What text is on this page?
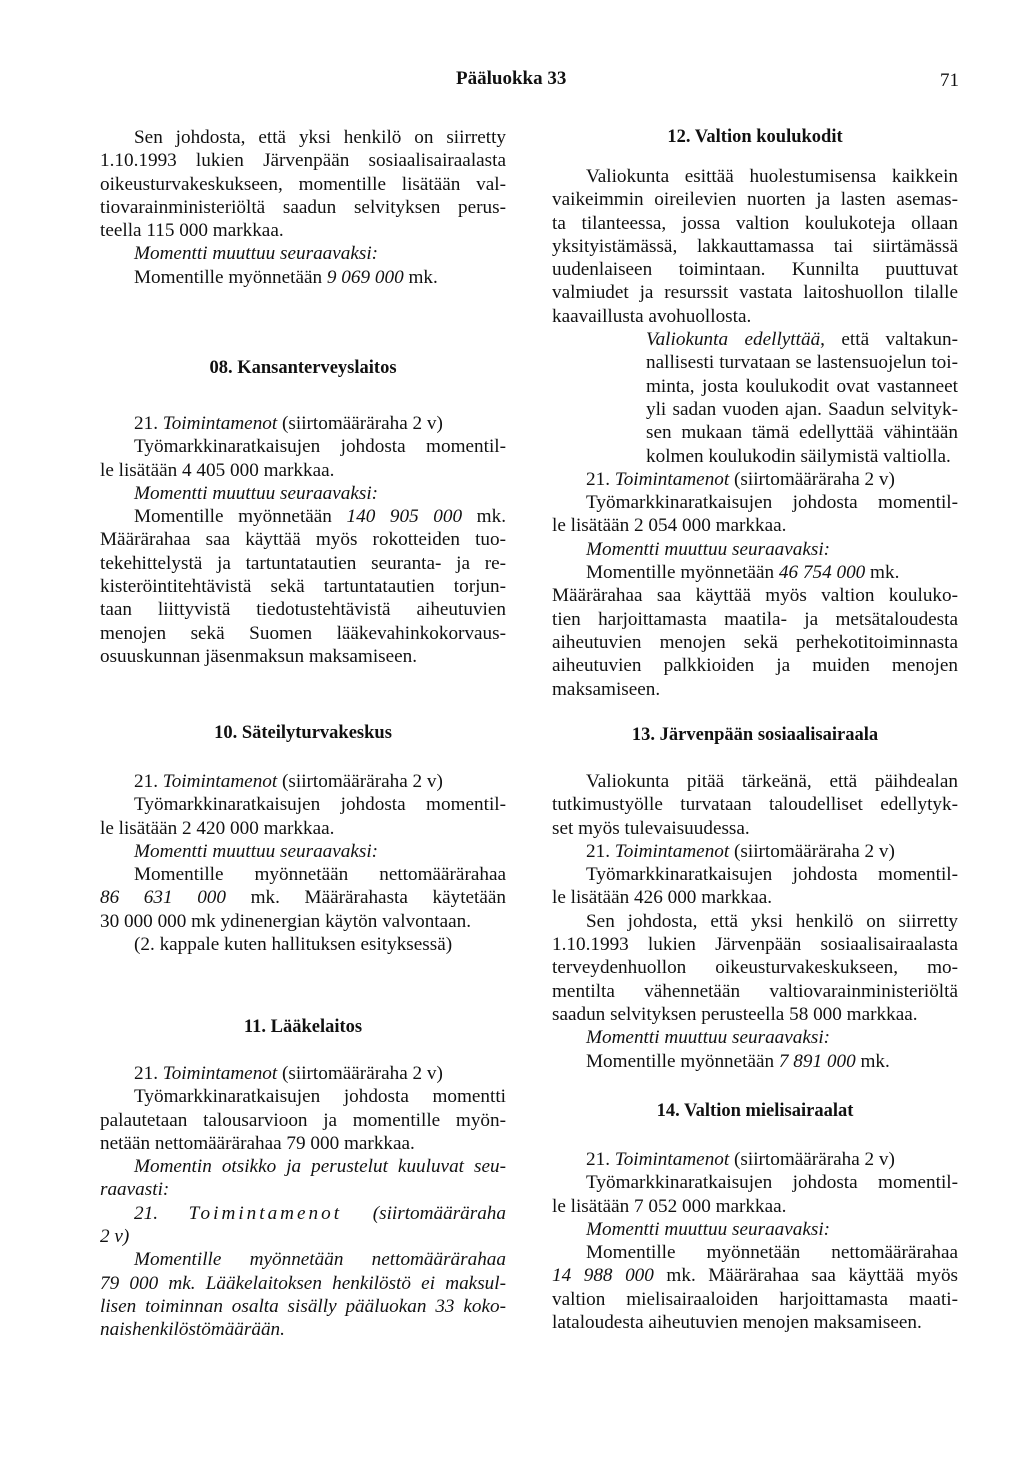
Pääluokka 33	71

Sen johdosta, että yksi henkilö on siirretty

1.10.1993 lukien Järvenpään sosiaalisairaalasta

oikeusturvakeskukseen, momentille lisätään val-

tiovarainministeriöltä saadun selvityksen perus-

teella 115 000 markkaa.

Momentti muuttuu seuraavaksi:

Momentille myönnetään 9 069 000 mk.

08. Kansanterveyslaitos

21. Toimintamenot (siirtomääräraha 2 v)

Työmarkkinaratkaisujen johdosta momentil-

le lisätään 4 405 000 markkaa.

Momentti muuttuu seuraavaksi:

Momentille myönnetään 140 905 000 mk.

Määrärahaa saa käyttää myös rokotteiden tuo-

tekehittelystä ja tartuntatautien seuranta- ja re-

kisteröintitehtävistä sekä tartuntatautien torjun-

taan liittyvistä tiedotustehtävistä aiheutuvien

menojen sekä Suomen lääkevahinkokorvaus-

osuuskunnan jäsenmaksun maksamiseen.

10. Säteilyturvakeskus

21. Toimintamenot (siirtomääräraha 2 v)

Työmarkkinaratkaisujen johdosta momentil-

le lisätään 2 420 000 markkaa.

Momentti muuttuu seuraavaksi:

Momentille myönnetään nettomäärärahaa

86 631 000 mk. Määrärahasta käytetään

30 000 000 mk ydinenergian käytön valvontaan.

(2. kappale kuten hallituksen esityksessä)

11. Lääkelaitos

21. Toimintamenot (siirtomääräraha 2 v)

Työmarkkinaratkaisujen johdosta momentti

palautetaan talousarvioon ja momentille myön-

netään nettomäärärahaa 79 000 markkaa.

Momentin otsikko ja perustelut kuuluvat seu-

raavasti:

21. Toimintamenot (siirtomääräraha

2 v)

Momentille myönnetään nettomäärärahaa

79 000 mk. Lääkelaitoksen henkilöstö ei maksul-

lisen toiminnan osalta sisälly pääluokan 33 koko-

naishenkilöstömäärään.

12. Valtion koulukodit

Valiokunta esittää huolestumisensa kaikkein

vaikeimmin oireilevien nuorten ja lasten asemas-

ta tilanteessa, jossa valtion koulukoteja ollaan

yksityistämässä, lakkauttamassa tai siirtämässä

uudenlaiseen toimintaan. Kunnilta puuttuvat

valmiudet ja resurssit vastata laitoshuollon tilalle

kaavaillusta avohuollosta.

Valiokunta edellyttää, että valtakun-

nallisesti turvataan se lastensuojelun toi-

minta, josta koulukodit ovat vastanneet

yli sadan vuoden ajan. Saadun selvityk-

sen mukaan tämä edellyttää vähintään

kolmen koulukodin säilymistä valtiolla.

21. Toimintamenot (siirtomääräraha 2 v)

Työmarkkinaratkaisujen johdosta momentil-

le lisätään 2 054 000 markkaa.

Momentti muuttuu seuraavaksi:

Momentille myönnetään 46 754 000 mk.

Määrärahaa saa käyttää myös valtion kouluko-

tien harjoittamasta maatila- ja metsätaloudesta

aiheutuvien menojen sekä perhekotitoiminnasta

aiheutuvien palkkioiden ja muiden menojen

maksamiseen.

13. Järvenpään sosiaalisairaala

Valiokunta pitää tärkeänä, että päihdealan

tutkimustyölle turvataan taloudelliset edellytyk-

set myös tulevaisuudessa.

21. Toimintamenot (siirtomääräraha 2 v)

Työmarkkinaratkaisujen johdosta momentil-

le lisätään 426 000 markkaa.

Sen johdosta, että yksi henkilö on siirretty

1.10.1993 lukien Järvenpään sosiaalisairaalasta

terveydenhuollon oikeusturvakeskukseen, mo-

mentilta vähennetään valtiovarainministeriöltä

saadun selvityksen perusteella 58 000 markkaa.

Momentti muuttuu seuraavaksi:

Momentille myönnetään 7 891 000 mk.

14. Valtion mielisairaalat

21. Toimintamenot (siirtomääräraha 2 v)

Työmarkkinaratkaisujen johdosta momentil-

le lisätään 7 052 000 markkaa.

Momentti muuttuu seuraavaksi:

Momentille myönnetään nettomäärärahaa

14 988 000 mk. Määrärahaa saa käyttää myös

valtion mielisairaaloiden harjoittamasta maati-

lataloudesta aiheutuvien menojen maksamiseen.
